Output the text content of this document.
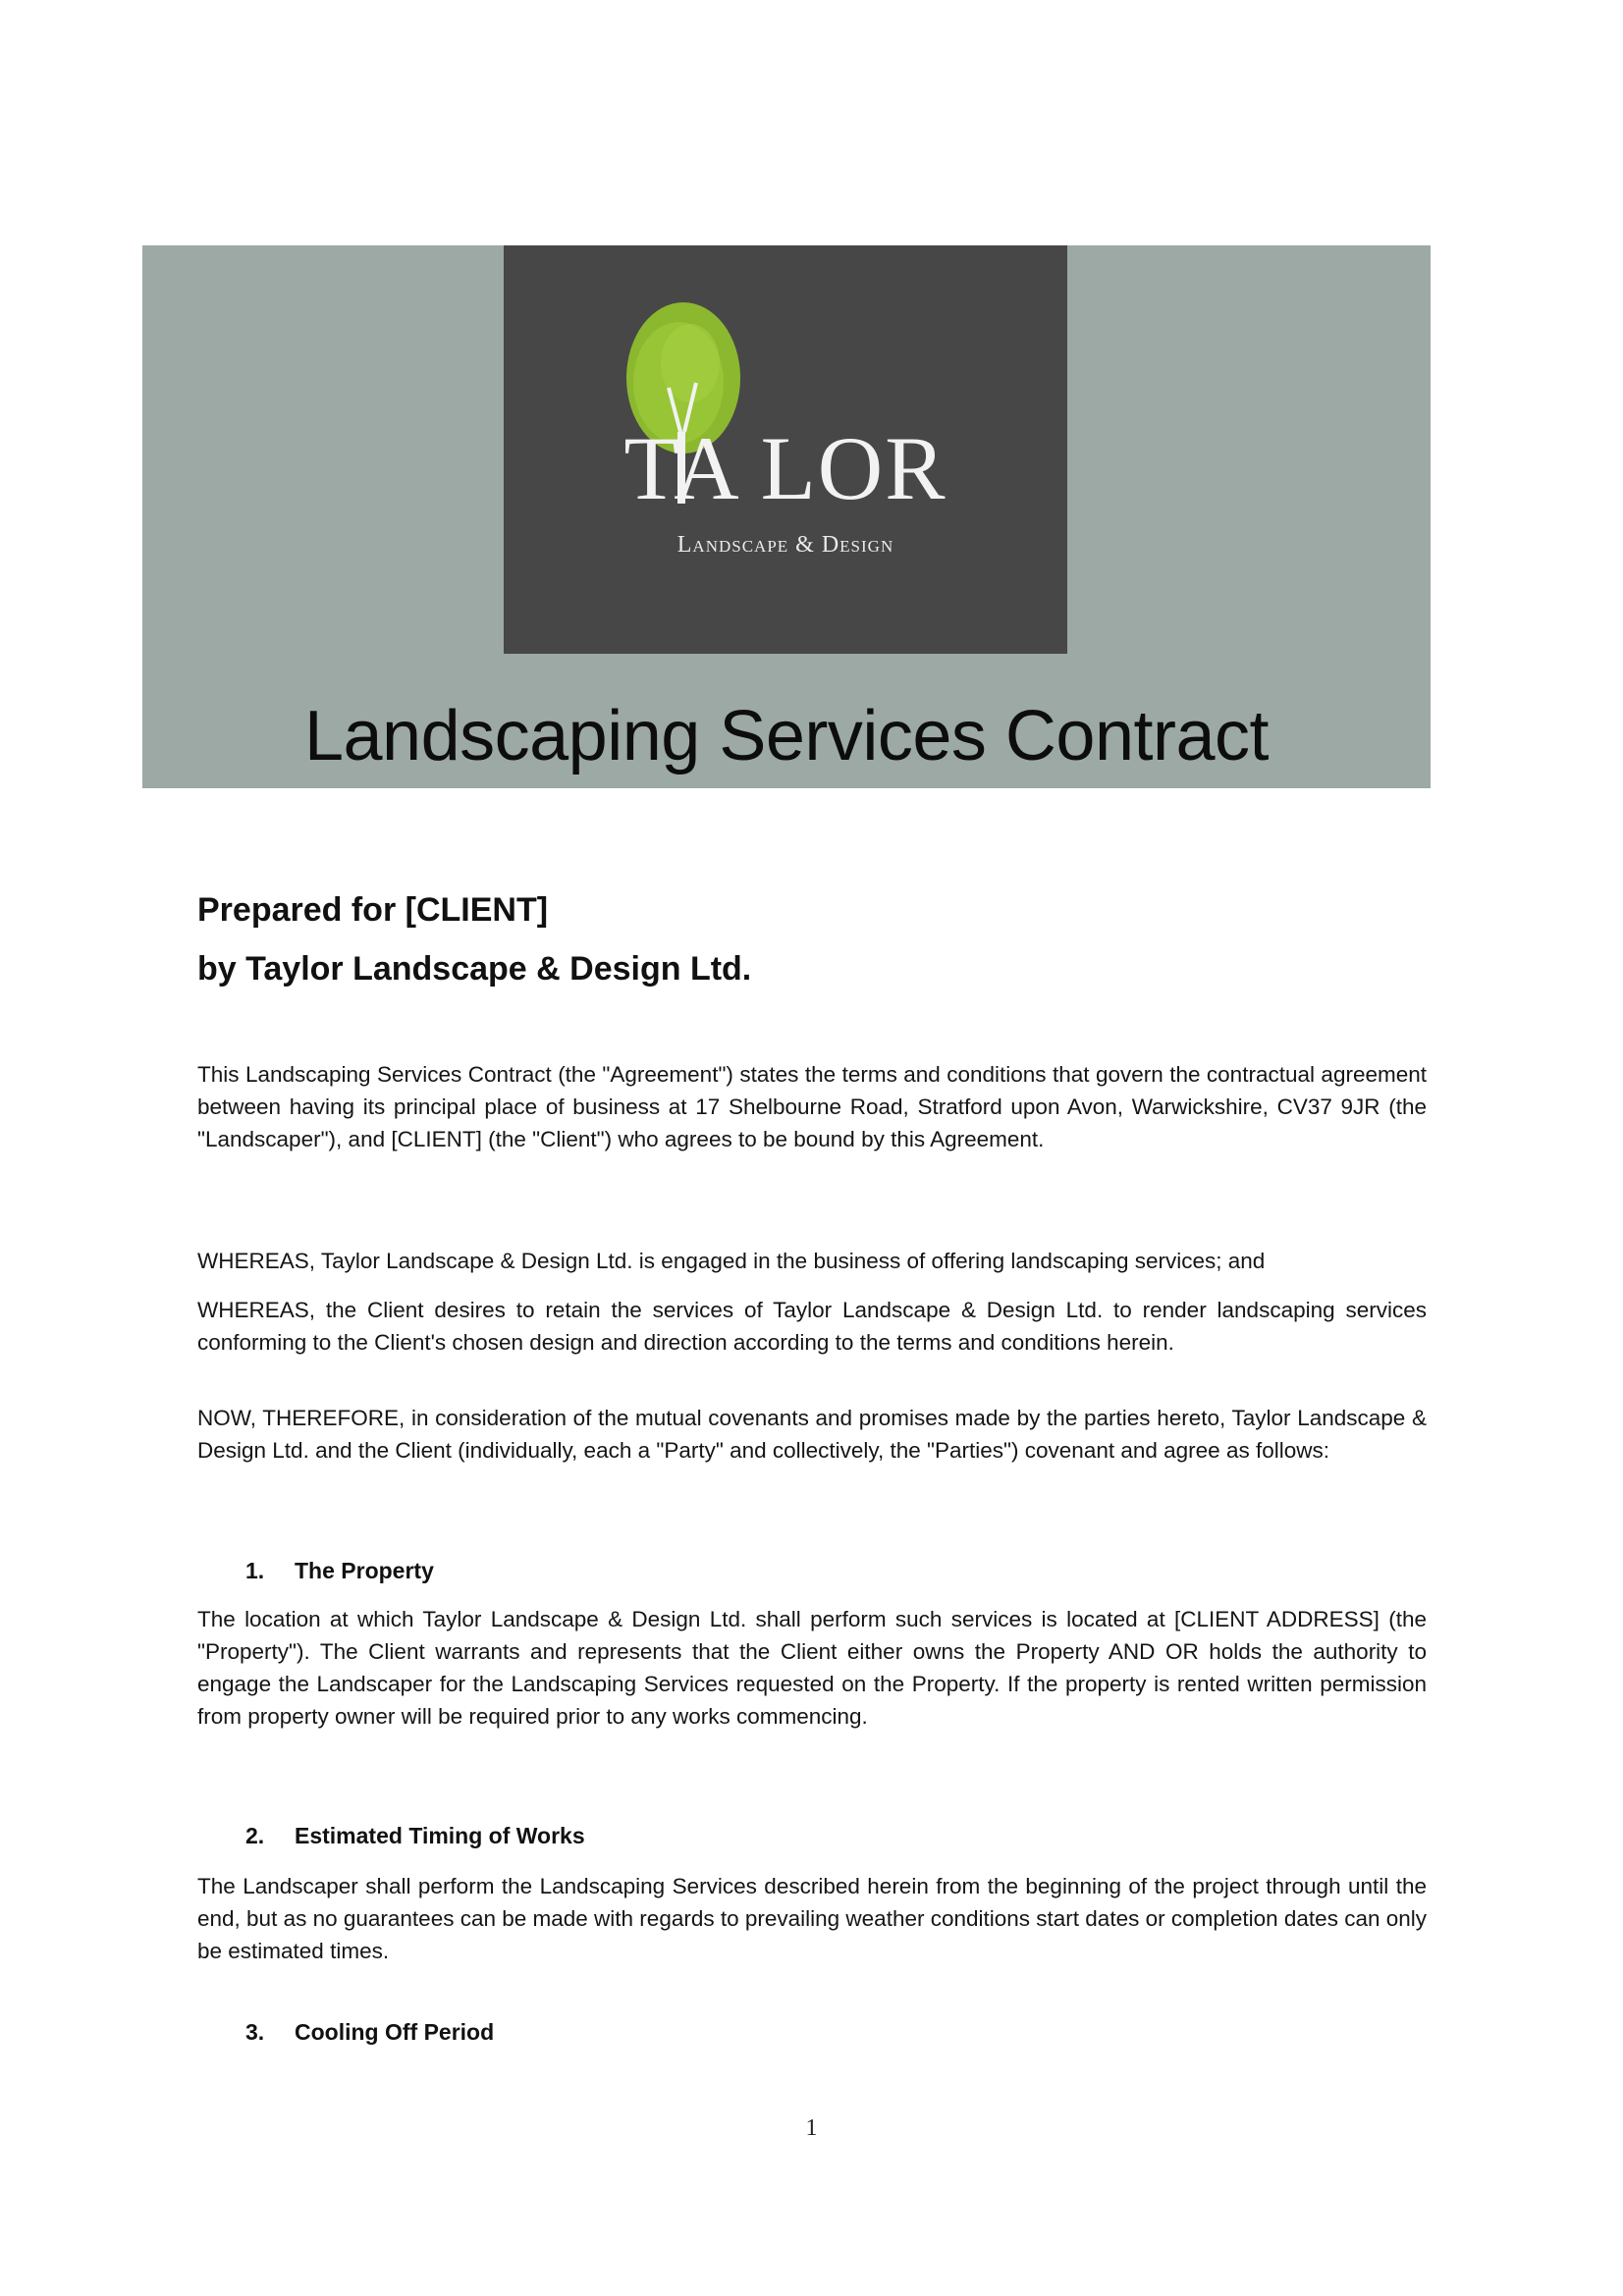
TA LOR
Landscape & Design
Landscaping Services Contract
Prepared for [CLIENT]
by Taylor Landscape & Design Ltd.
This Landscaping Services Contract (the "Agreement") states the terms and conditions that govern the contractual agreement between having its principal place of business at 17 Shelbourne Road, Stratford upon Avon, Warwickshire, CV37 9JR (the "Landscaper"), and [CLIENT] (the "Client") who agrees to be bound by this Agreement.
WHEREAS, Taylor Landscape & Design Ltd. is engaged in the business of offering landscaping services; and
WHEREAS, the Client desires to retain the services of Taylor Landscape & Design Ltd. to render landscaping services conforming to the Client's chosen design and direction according to the terms and conditions herein.
NOW, THEREFORE, in consideration of the mutual covenants and promises made by the parties hereto, Taylor Landscape & Design Ltd. and the Client (individually, each a "Party" and collectively, the "Parties") covenant and agree as follows:
1. The Property
The location at which Taylor Landscape & Design Ltd. shall perform such services is located at [CLIENT ADDRESS] (the "Property"). The Client warrants and represents that the Client either owns the Property AND OR holds the authority to engage the Landscaper for the Landscaping Services requested on the Property. If the property is rented written permission from property owner will be required prior to any works commencing.
2. Estimated Timing of Works
The Landscaper shall perform the Landscaping Services described herein from the beginning of the project through until the end, but as no guarantees can be made with regards to prevailing weather conditions start dates or completion dates can only be estimated times.
3. Cooling Off Period
1
